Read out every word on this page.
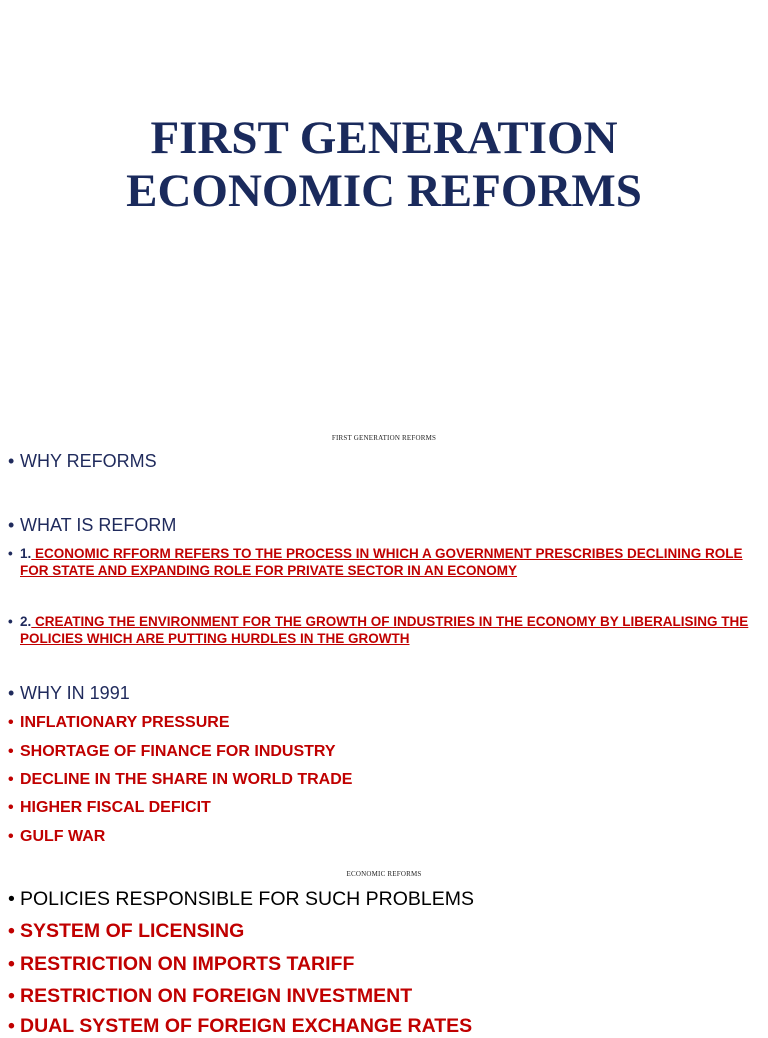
FIRST GENERATION
ECONOMIC REFORMS
FIRST GENERATION REFORMS
• WHY REFORMS
• WHAT IS REFORM
• 1. ECONOMIC RFFORM REFERS TO THE PROCESS IN WHICH A GOVERNMENT PRESCRIBES DECLINING ROLE FOR STATE AND EXPANDING ROLE FOR PRIVATE SECTOR IN AN ECONOMY
• 2. CREATING THE ENVIRONMENT FOR THE GROWTH OF INDUSTRIES IN THE ECONOMY BY LIBERALISING THE POLICIES WHICH ARE PUTTING HURDLES IN THE GROWTH
• WHY IN 1991
• INFLATIONARY PRESSURE
• SHORTAGE OF FINANCE FOR INDUSTRY
• DECLINE IN THE SHARE IN WORLD TRADE
• HIGHER FISCAL DEFICIT
• GULF WAR
ECONOMIC REFORMS
• POLICIES RESPONSIBLE FOR SUCH PROBLEMS
• SYSTEM OF LICENSING
• RESTRICTION ON IMPORTS TARIFF
• RESTRICTION ON FOREIGN INVESTMENT
• DUAL SYSTEM OF FOREIGN EXCHANGE RATES
